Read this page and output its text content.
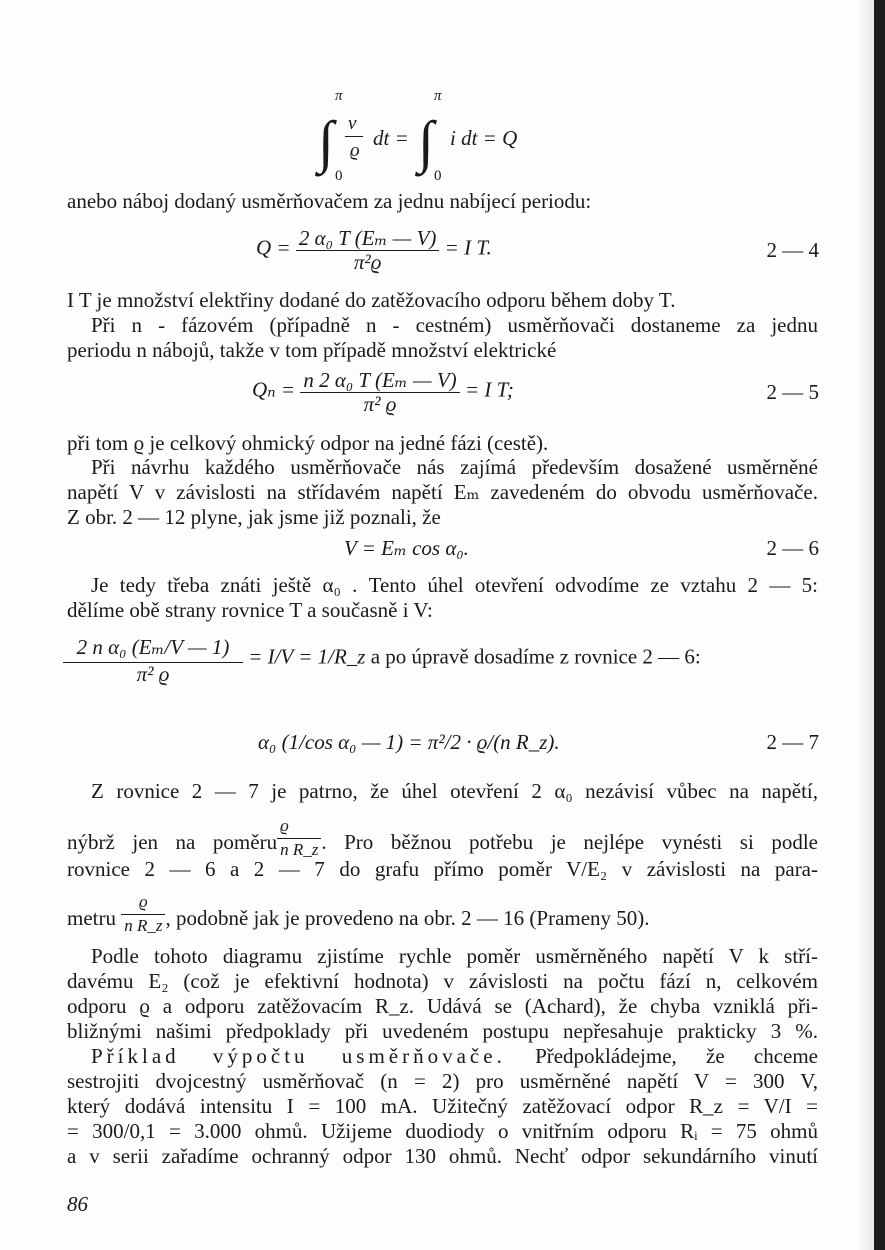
π
∫
0
v
ϱ
dt =
π
∫
0
i dt = Q
anebo náboj dodaný usměrňovačem za jednu nabíjecí periodu:
$Q = \frac{\text{2 α₀ T (Eₘ — V)}}{\text{π²ϱ}} = I$ T.	2 — 4
I T je množství elektřiny dodané do zatěžovacího odporu během doby T.
Při n - fázovém (případně n - cestném) usměrňovači dostaneme za jednu
periodu n nábojů, takže v tom případě množství elektrické
$Q_n = \frac{\text{n 2 α₀ T (Eₘ — V)}}{\text{π² ϱ}} = I$ T;	2 — 5
při tom ϱ je celkový ohmický odpor na jedné fázi (cestě).
Při návrhu každého usměrňovače nás zajímá především dosažené usměrněné
napětí V v závislosti na střídavém napětí Eₘ zavedeném do obvodu usměrňovače.
Z obr. 2 — 12 plyne, jak jsme již poznali, že
V = Eₘ cos α₀.	2 — 6
Je tedy třeba znáti ještě α₀ . Tento úhel otevření odvodíme ze vztahu 2 — 5:
dělíme obě strany rovnice T a současně i V:
$\frac{\text{2 n α₀ (Eₘ/V — 1)}}{\text{π² ϱ}} = I/V$ = 1/R_z a po úpravě dosadíme z rovnice 2 — 6:
α₀ (1/cos α₀ — 1) = π²/2 · ϱ/(n R_z).	2 — 7
Z rovnice 2 — 7 je patrno, že úhel otevření 2 α₀ nezávisí vůbec na napětí,
nýbrž jen na poměru $\frac{ϱ}{\text{n R\_z}}$ . Pro běžnou potřebu je nejlépe vynésti si podle
rovnice 2 — 6 a 2 — 7 do grafu přímo poměr V/E₂ v závislosti na para-
metru $\frac{ϱ}{\text{n R\_z}}$ , podobně jak je provedeno na obr. 2 — 16 (Prameny 50).
Podle tohoto diagramu zjistíme rychle poměr usměrněného napětí V k stří-
davému E₂ (což je efektivní hodnota) v závislosti na počtu fází n, celkovém
odporu ϱ a odporu zatěžovacím R_z. Udává se (Achard), že chyba vzniklá při-
bližnými našimi předpoklady při uvedeném postupu nepřesahuje prakticky 3 %.
Příklad výpočtu usměrňovače. Předpokládejme, že chceme
sestrojiti dvojcestný usměrňovač (n = 2) pro usměrněné napětí V = 300 V,
který dodává intensitu I = 100 mA. Užitečný zatěžovací odpor R_z = V/I =
= 300/0,1 = 3.000 ohmů. Užijeme duodiody o vnitřním odporu Rᵢ = 75 ohmů
a v serii zařadíme ochranný odpor 130 ohmů. Nechť odpor sekundárního vinutí
86
